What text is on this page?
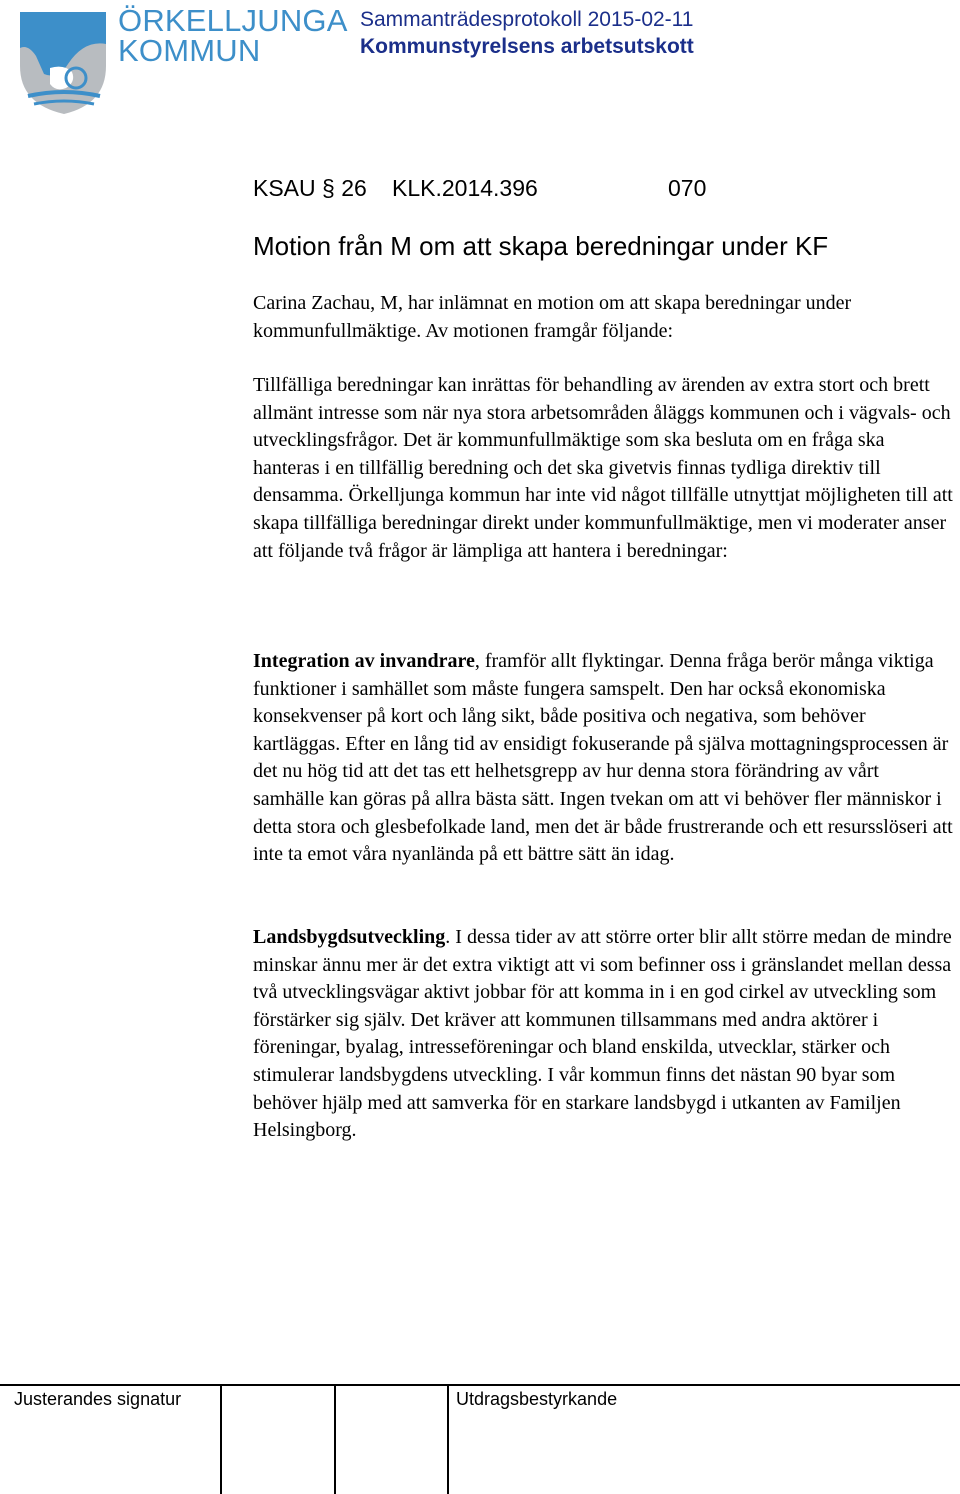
ÖRKELLJUNGA
KOMMUN
Sammanträdesprotokoll 2015-02-11
Kommunstyrelsens arbetsutskott
KSAU § 26 KLK.2014.396	070
Motion från M om att skapa beredningar under KF

Carina Zachau, M, har inlämnat en motion om att skapa beredningar under kommunfullmäktige. Av motionen framgår följande:

Tillfälliga beredningar kan inrättas för behandling av ärenden av extra stort och brett allmänt intresse som när nya stora arbetsområden åläggs kommunen och i vägvals- och utvecklingsfrågor. Det är kommunfullmäktige som ska besluta om en fråga ska hanteras i en tillfällig beredning och det ska givetvis finnas tydliga direktiv till densamma. Örkelljunga kommun har inte vid något tillfälle utnyttjat möjligheten till att skapa tillfälliga beredningar direkt under kommunfullmäktige, men vi moderater anser att följande två frågor är lämpliga att hantera i beredningar:

Integration av invandrare, framför allt flyktingar. Denna fråga berör många viktiga funktioner i samhället som måste fungera samspelt. Den har också ekonomiska konsekvenser på kort och lång sikt, både positiva och negativa, som behöver kartläggas. Efter en lång tid av ensidigt fokuserande på själva mottagningsprocessen är det nu hög tid att det tas ett helhetsgrepp av hur denna stora förändring av vårt samhälle kan göras på allra bästa sätt. Ingen tvekan om att vi behöver fler människor i detta stora och glesbefolkade land, men det är både frustrerande och ett resursslöseri att inte ta emot våra nyanlända på ett bättre sätt än idag.

Landsbygdsutveckling. I dessa tider av att större orter blir allt större medan de mindre minskar ännu mer är det extra viktigt att vi som befinner oss i gränslandet mellan dessa två utvecklingsvägar aktivt jobbar för att komma in i en god cirkel av utveckling som förstärker sig själv. Det kräver att kommunen tillsammans med andra aktörer i föreningar, byalag, intresseföreningar och bland enskilda, utvecklar, stärker och stimulerar landsbygdens utveckling. I vår kommun finns det nästan 90 byar som behöver hjälp med att samverka för en starkare landsbygd i utkanten av Familjen Helsingborg.

Justerandes signatur	Utdragsbestyrkande
